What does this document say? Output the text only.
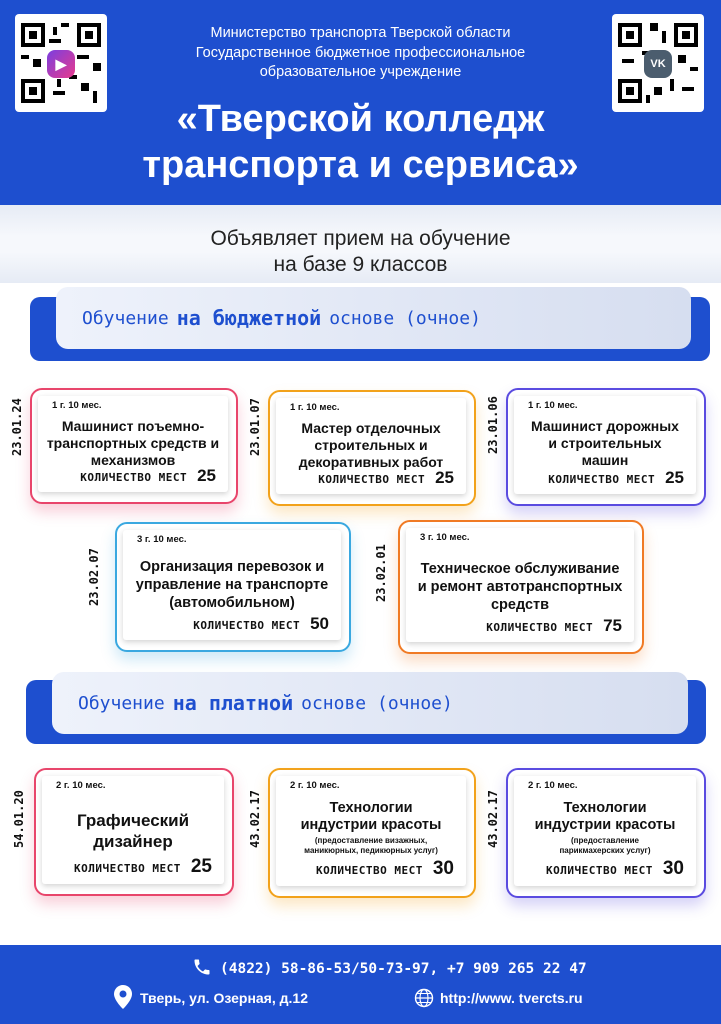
▶	VK
Министерство транспорта Тверской области
Государственное бюджетное профессиональное
образовательное учреждение
«Тверской колледж
транспорта и сервиса»
Объявляет прием на обучение
на базе 9 классов
Обучение на бюджетной основе (очное)
1 г. 10 мес.
Машинист поъемно-
транспортных средств и
механизмов
КОЛИЧЕСТВО МЕСТ 25
23.01.24	1 г. 10 мес.
Мастер отделочных
строительных и
декоративных работ
КОЛИЧЕСТВО МЕСТ 25
23.01.07	1 г. 10 мес.
Машинист дорожных
и строительных
машин
КОЛИЧЕСТВО МЕСТ 25
23.01.06
3 г. 10 мес.
Организация перевозок и
управление на транспорте
(автомобильном)
КОЛИЧЕСТВО МЕСТ 50
23.02.07
3 г. 10 мес.
Техническое обслуживание
и ремонт автотранспортных
средств
КОЛИЧЕСТВО МЕСТ 75
23.02.01
Обучение на платной основе (очное)
2 г. 10 мес.
Графический
дизайнер
КОЛИЧЕСТВО МЕСТ 25
54.01.20
2 г. 10 мес.
Технологии
индустрии красоты
(предоставление визажных,
маникюрных, педикюрных услуг)
КОЛИЧЕСТВО МЕСТ 30
43.02.17
2 г. 10 мес.
Технологии
индустрии красоты
(предоставление
парикмахерских услуг)
КОЛИЧЕСТВО МЕСТ 30
43.02.17
(4822) 58-86-53/50-73-97, +7 909 265 22 47
Тверь, ул. Озерная, д.12	http://www. tvercts.ru
